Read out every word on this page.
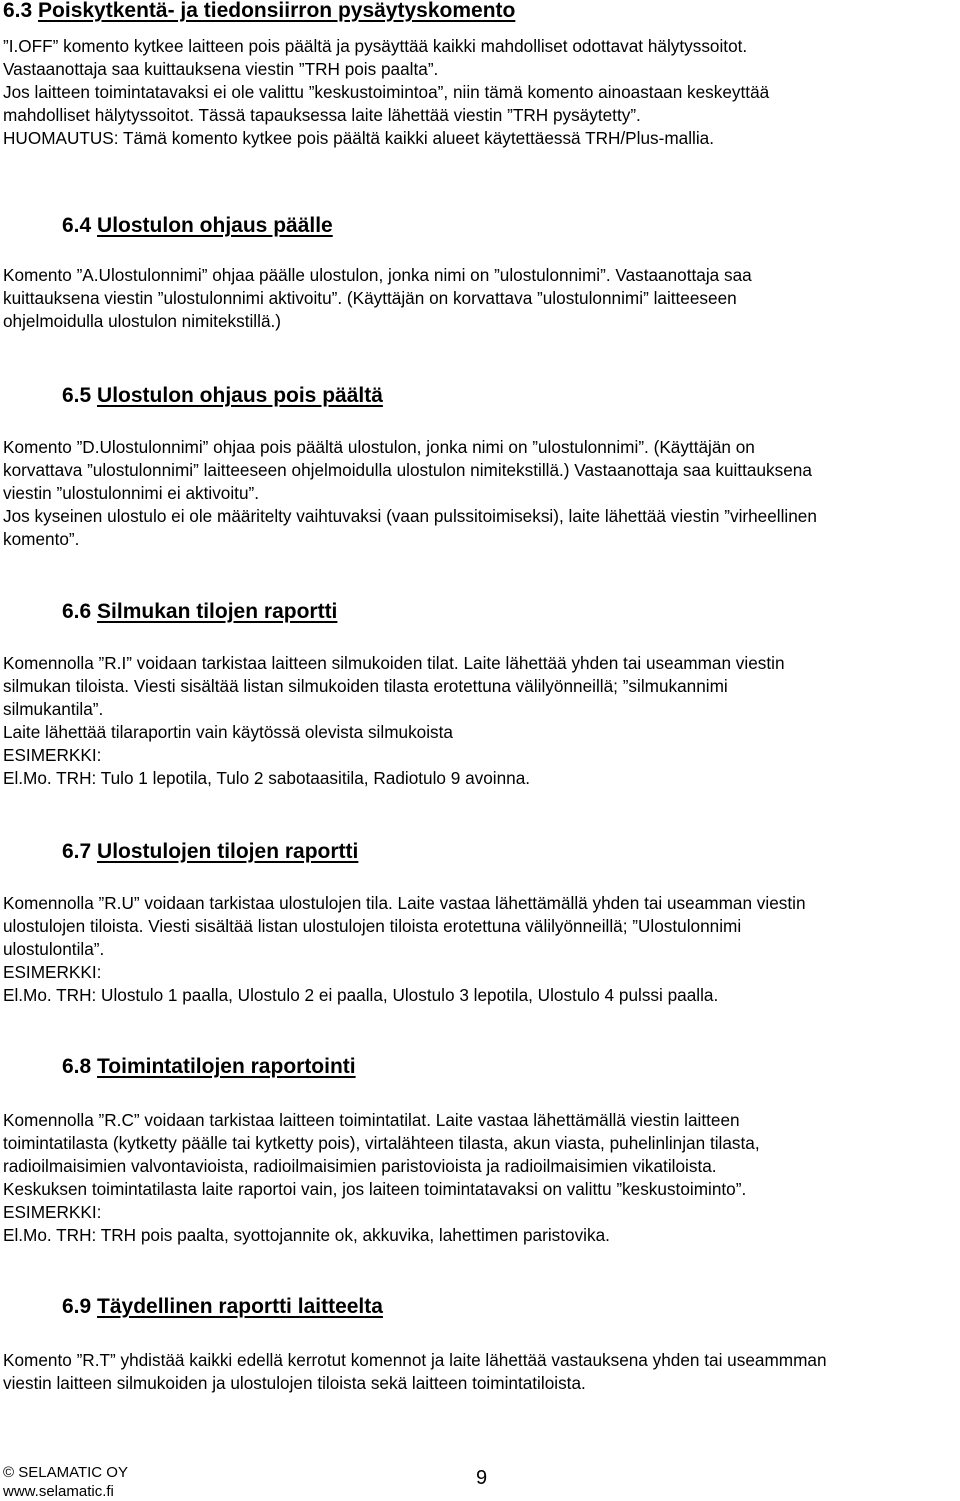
6.3 Poiskytkentä- ja tiedonsiirron pysäytyskomento
”I.OFF” komento kytkee laitteen pois päältä ja pysäyttää kaikki mahdolliset odottavat hälytyssoitot.
Vastaanottaja saa kuittauksena viestin ”TRH pois paalta”.
Jos laitteen toimintatavaksi ei ole valittu ”keskustoimintoa”, niin tämä komento ainoastaan keskeyttää
mahdolliset hälytyssoitot. Tässä tapauksessa laite lähettää viestin ”TRH pysäytetty”.
HUOMAUTUS: Tämä komento kytkee pois päältä kaikki alueet käytettäessä TRH/Plus-mallia.
6.4 Ulostulon ohjaus päälle
Komento ”A.Ulostulonnimi” ohjaa päälle ulostulon, jonka nimi on ”ulostulonnimi”. Vastaanottaja saa
kuittauksena viestin ”ulostulonnimi aktivoitu”. (Käyttäjän on korvattava ”ulostulonnimi” laitteeseen
ohjelmoidulla ulostulon nimitekstillä.)
6.5 Ulostulon ohjaus pois päältä
Komento ”D.Ulostulonnimi” ohjaa pois päältä ulostulon, jonka nimi on ”ulostulonnimi”. (Käyttäjän on
korvattava ”ulostulonnimi” laitteeseen ohjelmoidulla ulostulon nimitekstillä.) Vastaanottaja saa kuittauksena
viestin ”ulostulonnimi ei aktivoitu”.
Jos kyseinen ulostulo ei ole määritelty vaihtuvaksi (vaan pulssitoimiseksi), laite lähettää viestin ”virheellinen
komento”.
6.6 Silmukan tilojen raportti
Komennolla ”R.I” voidaan tarkistaa laitteen silmukoiden tilat. Laite lähettää yhden tai useamman viestin
silmukan tiloista. Viesti sisältää listan silmukoiden tilasta erotettuna välilyönneillä; ”silmukannimi
silmukantila”.
Laite lähettää tilaraportin vain käytössä olevista silmukoista
ESIMERKKI:
El.Mo. TRH: Tulo 1 lepotila, Tulo 2 sabotaasitila, Radiotulo 9 avoinna.
6.7 Ulostulojen tilojen raportti
Komennolla ”R.U” voidaan tarkistaa ulostulojen tila. Laite vastaa lähettämällä yhden tai useamman viestin
ulostulojen tiloista. Viesti sisältää listan ulostulojen tiloista erotettuna välilyönneillä; ”Ulostulonnimi
ulostulontila”.
ESIMERKKI:
El.Mo. TRH: Ulostulo 1 paalla, Ulostulo 2 ei paalla, Ulostulo 3 lepotila, Ulostulo 4 pulssi paalla.
6.8 Toimintatilojen raportointi
Komennolla ”R.C” voidaan tarkistaa laitteen toimintatilat. Laite vastaa lähettämällä viestin laitteen
toimintatilasta (kytketty päälle tai kytketty pois), virtalähteen tilasta, akun viasta, puhelinlinjan tilasta,
radioilmaisimien valvontavioista, radioilmaisimien paristovioista ja radioilmaisimien vikatiloista.
Keskuksen toimintatilasta laite raportoi vain, jos laiteen toimintatavaksi on valittu ”keskustoiminto”.
ESIMERKKI:
El.Mo. TRH: TRH pois paalta, syottojannite ok, akkuvika, lahettimen paristovika.
6.9 Täydellinen raportti laitteelta
Komento ”R.T” yhdistää kaikki edellä kerrotut komennot ja laite lähettää vastauksena yhden tai useammman
viestin laitteen silmukoiden ja ulostulojen tiloista sekä laitteen toimintatiloista.
© SELAMATIC OY
www.selamatic.fi
9
